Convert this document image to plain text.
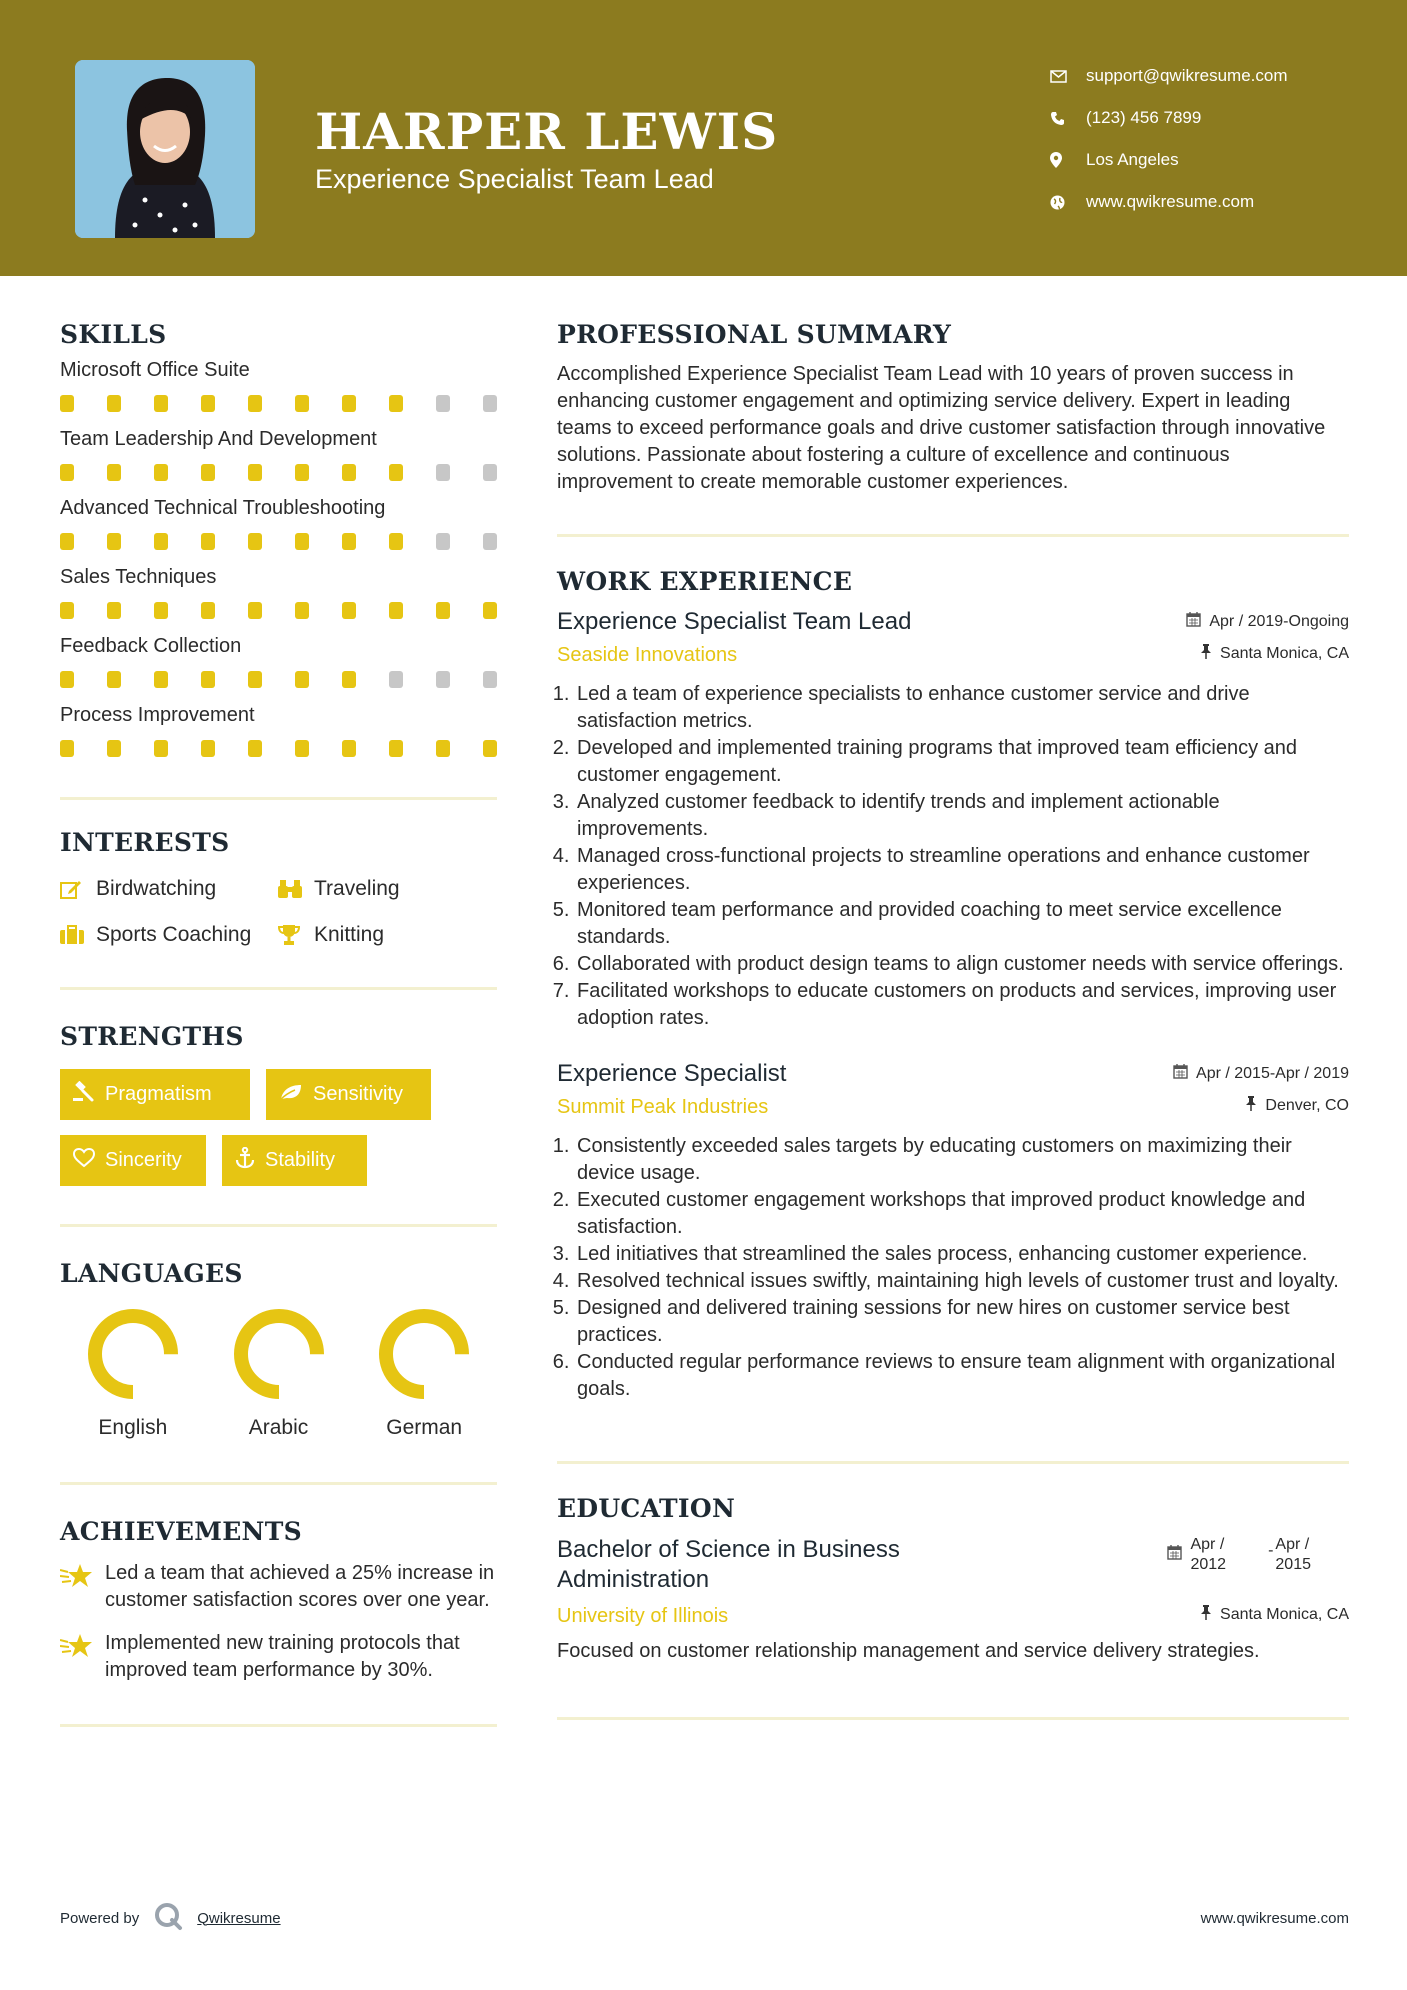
HARPER LEWIS
Experience Specialist Team Lead
support@qwikresume.com
(123) 456 7899
Los Angeles
www.qwikresume.com
SKILLS
Microsoft Office Suite
Team Leadership And Development
Advanced Technical Troubleshooting
Sales Techniques
Feedback Collection
Process Improvement
INTERESTS
Birdwatching	Traveling
Sports Coaching	Knitting
STRENGTHS
Pragmatism	Sensitivity
Sincerity	Stability
LANGUAGES
English	Arabic	German
ACHIEVEMENTS
Led a team that achieved a 25% increase in customer satisfaction scores over one year.
Implemented new training protocols that improved team performance by 30%.
PROFESSIONAL SUMMARY
Accomplished Experience Specialist Team Lead with 10 years of proven success in enhancing customer engagement and optimizing service delivery. Expert in leading teams to exceed performance goals and drive customer satisfaction through innovative solutions. Passionate about fostering a culture of excellence and continuous improvement to create memorable customer experiences.
WORK EXPERIENCE
Experience Specialist Team Lead	Apr / 2019-Ongoing
Seaside Innovations	Santa Monica, CA
1. Led a team of experience specialists to enhance customer service and drive satisfaction metrics.
2. Developed and implemented training programs that improved team efficiency and customer engagement.
3. Analyzed customer feedback to identify trends and implement actionable improvements.
4. Managed cross-functional projects to streamline operations and enhance customer experiences.
5. Monitored team performance and provided coaching to meet service excellence standards.
6. Collaborated with product design teams to align customer needs with service offerings.
7. Facilitated workshops to educate customers on products and services, improving user adoption rates.
Experience Specialist	Apr / 2015-Apr / 2019
Summit Peak Industries	Denver, CO
1. Consistently exceeded sales targets by educating customers on maximizing their device usage.
2. Executed customer engagement workshops that improved product knowledge and satisfaction.
3. Led initiatives that streamlined the sales process, enhancing customer experience.
4. Resolved technical issues swiftly, maintaining high levels of customer trust and loyalty.
5. Designed and delivered training sessions for new hires on customer service best practices.
6. Conducted regular performance reviews to ensure team alignment with organizational goals.
EDUCATION
Bachelor of Science in Business
Administration
Apr /
2012
- Apr /
2015
University of Illinois	Santa Monica, CA
Focused on customer relationship management and service delivery strategies.
Powered by	Qwikresume	www.qwikresume.com
